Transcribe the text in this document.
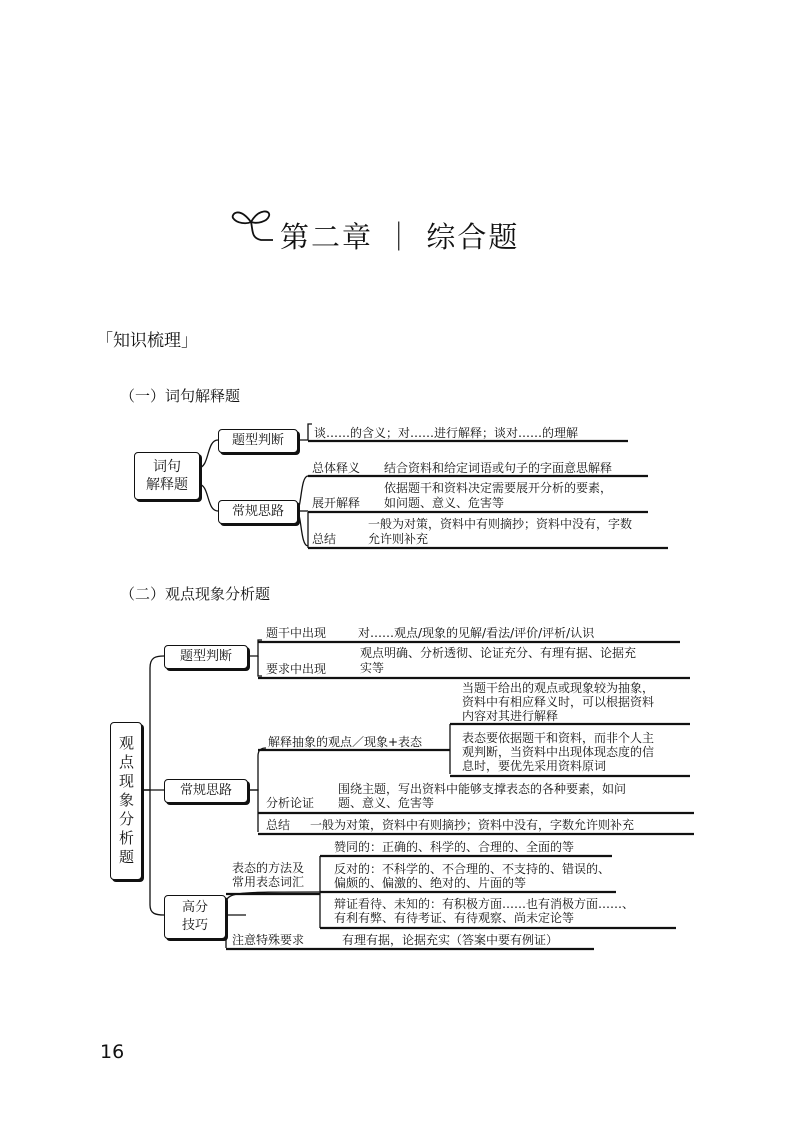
第二章 ｜ 综合题
「知识梳理」
（一）词句解释题
词句
解释题
题型判断	谈……的含义；对……进行解释；谈对……的理解
常规思路
总体释义 结合资料和给定词语或句子的字面意思解释
展开解释
依据题干和资料决定需要展开分析的要素，
如问题、意义、危害等
总结
一般为对策，资料中有则摘抄；资料中没有，字数
允许则补充
（二）观点现象分析题
观点现象分析题
题型判断
题干中出现	对……观点/现象的见解/看法/评价/评析/认识
要求中出现
观点明确、分析透彻、论证充分、有理有据、论据充
实等
常规思路
解释抽象的观点／现象+表态
当题干给出的观点或现象较为抽象，
资料中有相应释义时，可以根据资料
内容对其进行解释
表态要依据题干和资料，而非个人主
观判断，当资料中出现体现态度的信
息时，要优先采用资料原词
分析论证
围绕主题，写出资料中能够支撑表态的各种要素，如问
题、意义、危害等
总结 一般为对策，资料中有则摘抄；资料中没有，字数允许则补充
高分
技巧
表态的方法及
常用表态词汇
赞同的：正确的、科学的、合理的、全面的等
反对的：不科学的、不合理的、不支持的、错误的、
偏颇的、偏激的、绝对的、片面的等
辩证看待、未知的：有积极方面……也有消极方面……、
有利有弊、有待考证、有待观察、尚未定论等
注意特殊要求	有理有据，论据充实（答案中要有例证）
16
